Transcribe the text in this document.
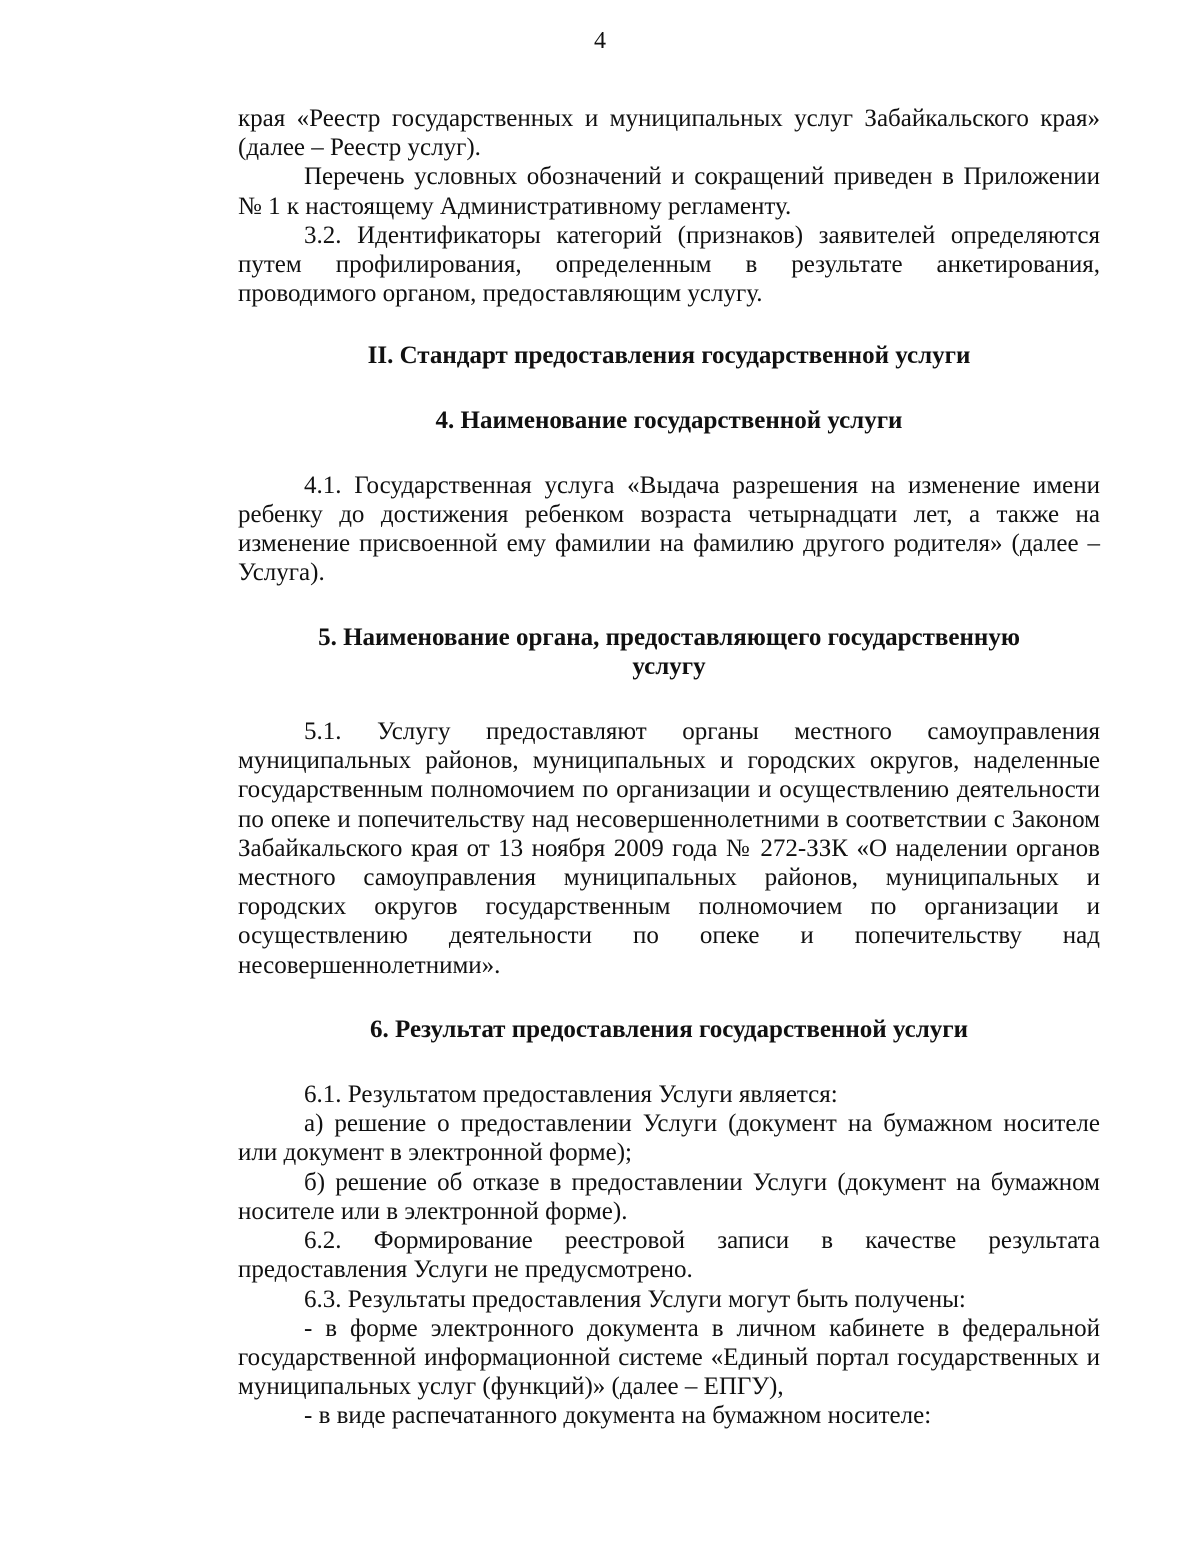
4

края «Реестр государственных и муниципальных услуг Забайкальского края» (далее – Реестр услуг).

Перечень условных обозначений и сокращений приведен в Приложении № 1 к настоящему Административному регламенту.

3.2. Идентификаторы категорий (признаков) заявителей определяются путем профилирования, определенным в результате анкетирования, проводимого органом, предоставляющим услугу.

II. Стандарт предоставления государственной услуги
4. Наименование государственной услуги

4.1. Государственная услуга «Выдача разрешения на изменение имени ребенку до достижения ребенком возраста четырнадцати лет, а также на изменение присвоенной ему фамилии на фамилию другого родителя» (далее – Услуга).

5. Наименование органа, предоставляющего государственную
услугу

5.1. Услугу предоставляют органы местного самоуправления муниципальных районов, муниципальных и городских округов, наделенные государственным полномочием по организации и осуществлению деятельности по опеке и попечительству над несовершеннолетними в соответствии с Законом Забайкальского края от 13 ноября 2009 года № 272-ЗЗК «О наделении органов местного самоуправления муниципальных районов, муниципальных и городских округов государственным полномочием по организации и осуществлению деятельности по опеке и попечительству над несовершеннолетними».

6. Результат предоставления государственной услуги

6.1. Результатом предоставления Услуги является:

а) решение о предоставлении Услуги (документ на бумажном носителе или документ в электронной форме);

б) решение об отказе в предоставлении Услуги (документ на бумажном носителе или в электронной форме).

6.2. Формирование реестровой записи в качестве результата предоставления Услуги не предусмотрено.

6.3. Результаты предоставления Услуги могут быть получены:

- в форме электронного документа в личном кабинете в федеральной государственной информационной системе «Единый портал государственных и муниципальных услуг (функций)» (далее – ЕПГУ),

- в виде распечатанного документа на бумажном носителе:
